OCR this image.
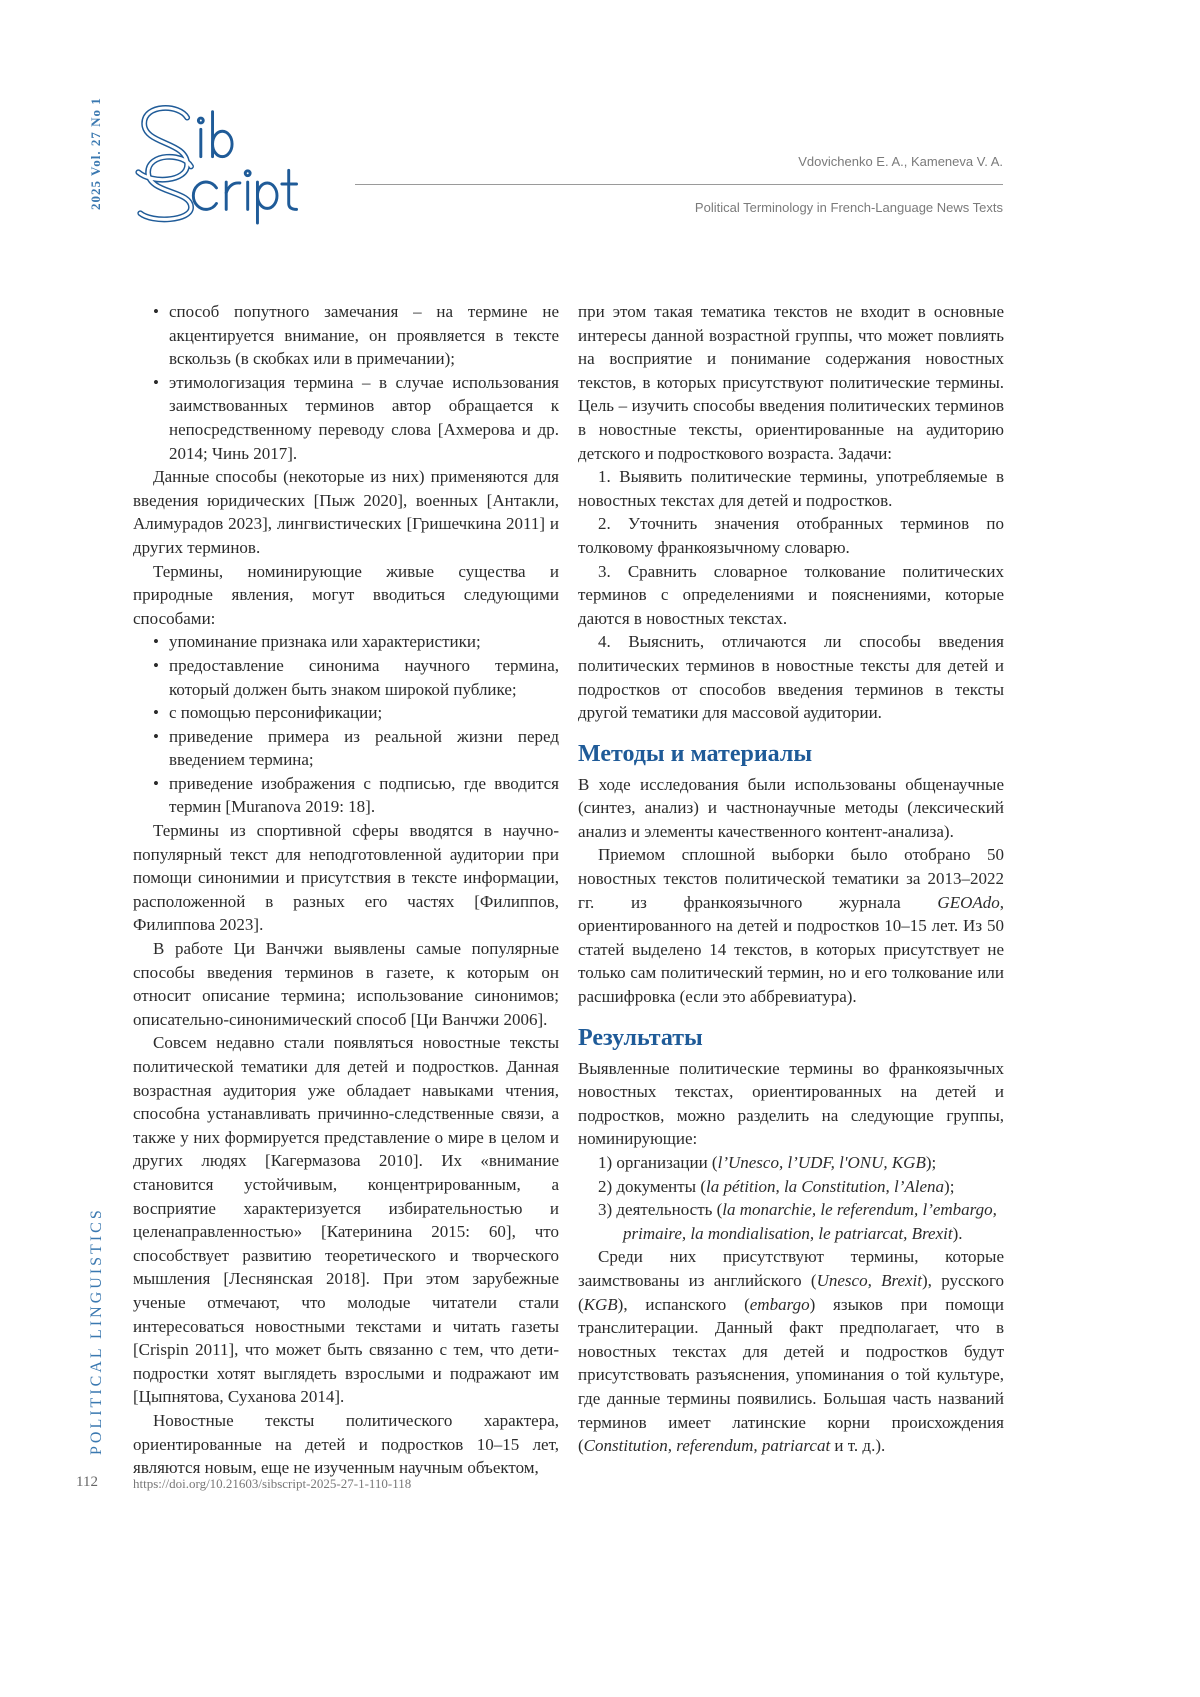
2025 Vol. 27 No 1
POLITICAL LINGUISTICS
Vdovichenko E. A., Kameneva V. A.
Political Terminology in French-Language News Texts
• способ попутного замечания – на термине не акцентируется внимание, он проявляется в тексте вскользь (в скобках или в примечании);
• этимологизация термина – в случае использования заимствованных терминов автор обращается к непосредственному переводу слова [Ахмерова и др. 2014; Чинь 2017].

Данные способы (некоторые из них) применяются для введения юридических [Пыж 2020], военных [Антакли, Алимурадов 2023], лингвистических [Гришечкина 2011] и других терминов.

Термины, номинирующие живые существа и природные явления, могут вводиться следующими способами:

• упоминание признака или характеристики;
• предоставление синонима научного термина, который должен быть знаком широкой публике;
• с помощью персонификации;
• приведение примера из реальной жизни перед введением термина;
• приведение изображения с подписью, где вводится термин [Muranova 2019: 18].

Термины из спортивной сферы вводятся в научно-популярный текст для неподготовленной аудитории при помощи синонимии и присутствия в тексте информации, расположенной в разных его частях [Филиппов, Филиппова 2023].

В работе Ци Ванчжи выявлены самые популярные способы введения терминов в газете, к которым он относит описание термина; использование синонимов; описательно-синонимический способ [Ци Ванчжи 2006].

Совсем недавно стали появляться новостные тексты политической тематики для детей и подростков. Данная возрастная аудитория уже обладает навыками чтения, способна устанавливать причинно-следственные связи, а также у них формируется представление о мире в целом и других людях [Кагермазова 2010]. Их «внимание становится устойчивым, концентрированным, а восприятие характеризуется избирательностью и целенаправленностью» [Катеринина 2015: 60], что способствует развитию теоретического и творческого мышления [Леснянская 2018]. При этом зарубежные ученые отмечают, что молодые читатели стали интересоваться новостными текстами и читать газеты [Crispin 2011], что может быть связанно с тем, что дети-подростки хотят выглядеть взрослыми и подражают им [Цыпнятова, Суханова 2014].

Новостные тексты политического характера, ориентированные на детей и подростков 10–15 лет, являются новым, еще не изученным научным объектом,

при этом такая тематика текстов не входит в основные интересы данной возрастной группы, что может повлиять на восприятие и понимание содержания новостных текстов, в которых присутствуют политические термины. Цель – изучить способы введения политических терминов в новостные тексты, ориентированные на аудиторию детского и подросткового возраста. Задачи:

1. Выявить политические термины, употребляемые в новостных текстах для детей и подростков.
2. Уточнить значения отобранных терминов по толковому франкоязычному словарю.
3. Сравнить словарное толкование политических терминов с определениями и пояснениями, которые даются в новостных текстах.
4. Выяснить, отличаются ли способы введения политических терминов в новостные тексты для детей и подростков от способов введения терминов в тексты другой тематики для массовой аудитории.
Методы и материалы

В ходе исследования были использованы общенаучные (синтез, анализ) и частнонаучные методы (лексический анализ и элементы качественного контент-анализа).

Приемом сплошной выборки было отобрано 50 новостных текстов политической тематики за 2013–2022 гг. из франкоязычного журнала GEOAdo, ориентированного на детей и подростков 10–15 лет. Из 50 статей выделено 14 текстов, в которых присутствует не только сам политический термин, но и его толкование или расшифровка (если это аббревиатура).

Результаты

Выявленные политические термины во франкоязычных новостных текстах, ориентированных на детей и подростков, можно разделить на следующие группы, номинирующие:

1) организации (l’Unesco, l’UDF, l'ONU, KGB);
2) документы (la pétition, la Constitution, l’Alena);
3) деятельность (la monarchie, le referendum, l’embargo, primaire, la mondialisation, le patriarcat, Brexit).

Среди них присутствуют термины, которые заимствованы из английского (Unesco, Brexit), русского (KGB), испанского (embargo) языков при помощи транслитерации. Данный факт предполагает, что в новостных текстах для детей и подростков будут присутствовать разъяснения, упоминания о той культуре, где данные термины появились. Большая часть названий терминов имеет латинские корни происхождения (Constitution, referendum, patriarcat и т. д.).

112	https://doi.org/10.21603/sibscript-2025-27-1-110-118
